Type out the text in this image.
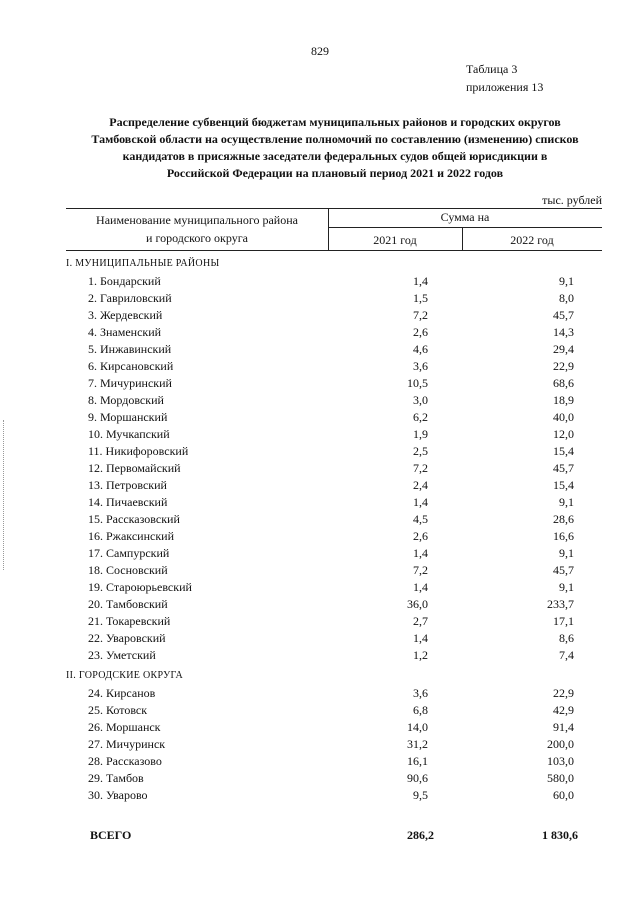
829
Таблица 3
приложения 13
Распределение субвенций бюджетам муниципальных районов и городских округов
Тамбовской области на осуществление полномочий по составлению (изменению) списков
кандидатов в присяжные заседатели федеральных судов общей юрисдикции в
Российской Федерации на плановый период 2021 и 2022 годов
тыс. рублей
Наименование муниципального района
и городского округа
Сумма на
2021 год	2022 год
I. МУНИЦИПАЛЬНЫЕ РАЙОНЫ
1. Бондарский	1,4	9,1
2. Гавриловский	1,5	8,0
3. Жердевский	7,2	45,7
4. Знаменский	2,6	14,3
5. Инжавинский	4,6	29,4
6. Кирсановский	3,6	22,9
7. Мичуринский	10,5	68,6
8. Мордовский	3,0	18,9
9. Моршанский	6,2	40,0
10. Мучкапский	1,9	12,0
11. Никифоровский	2,5	15,4
12. Первомайский	7,2	45,7
13. Петровский	2,4	15,4
14. Пичаевский	1,4	9,1
15. Рассказовский	4,5	28,6
16. Ржаксинский	2,6	16,6
17. Сампурский	1,4	9,1
18. Сосновский	7,2	45,7
19. Староюрьевский	1,4	9,1
20. Тамбовский	36,0	233,7
21. Токаревский	2,7	17,1
22. Уваровский	1,4	8,6
23. Уметский	1,2	7,4
II. ГОРОДСКИЕ ОКРУГА
24. Кирсанов	3,6	22,9
25. Котовск	6,8	42,9
26. Моршанск	14,0	91,4
27. Мичуринск	31,2	200,0
28. Рассказово	16,1	103,0
29. Тамбов	90,6	580,0
30. Уварово	9,5	60,0
ВСЕГО	286,2	1 830,6
